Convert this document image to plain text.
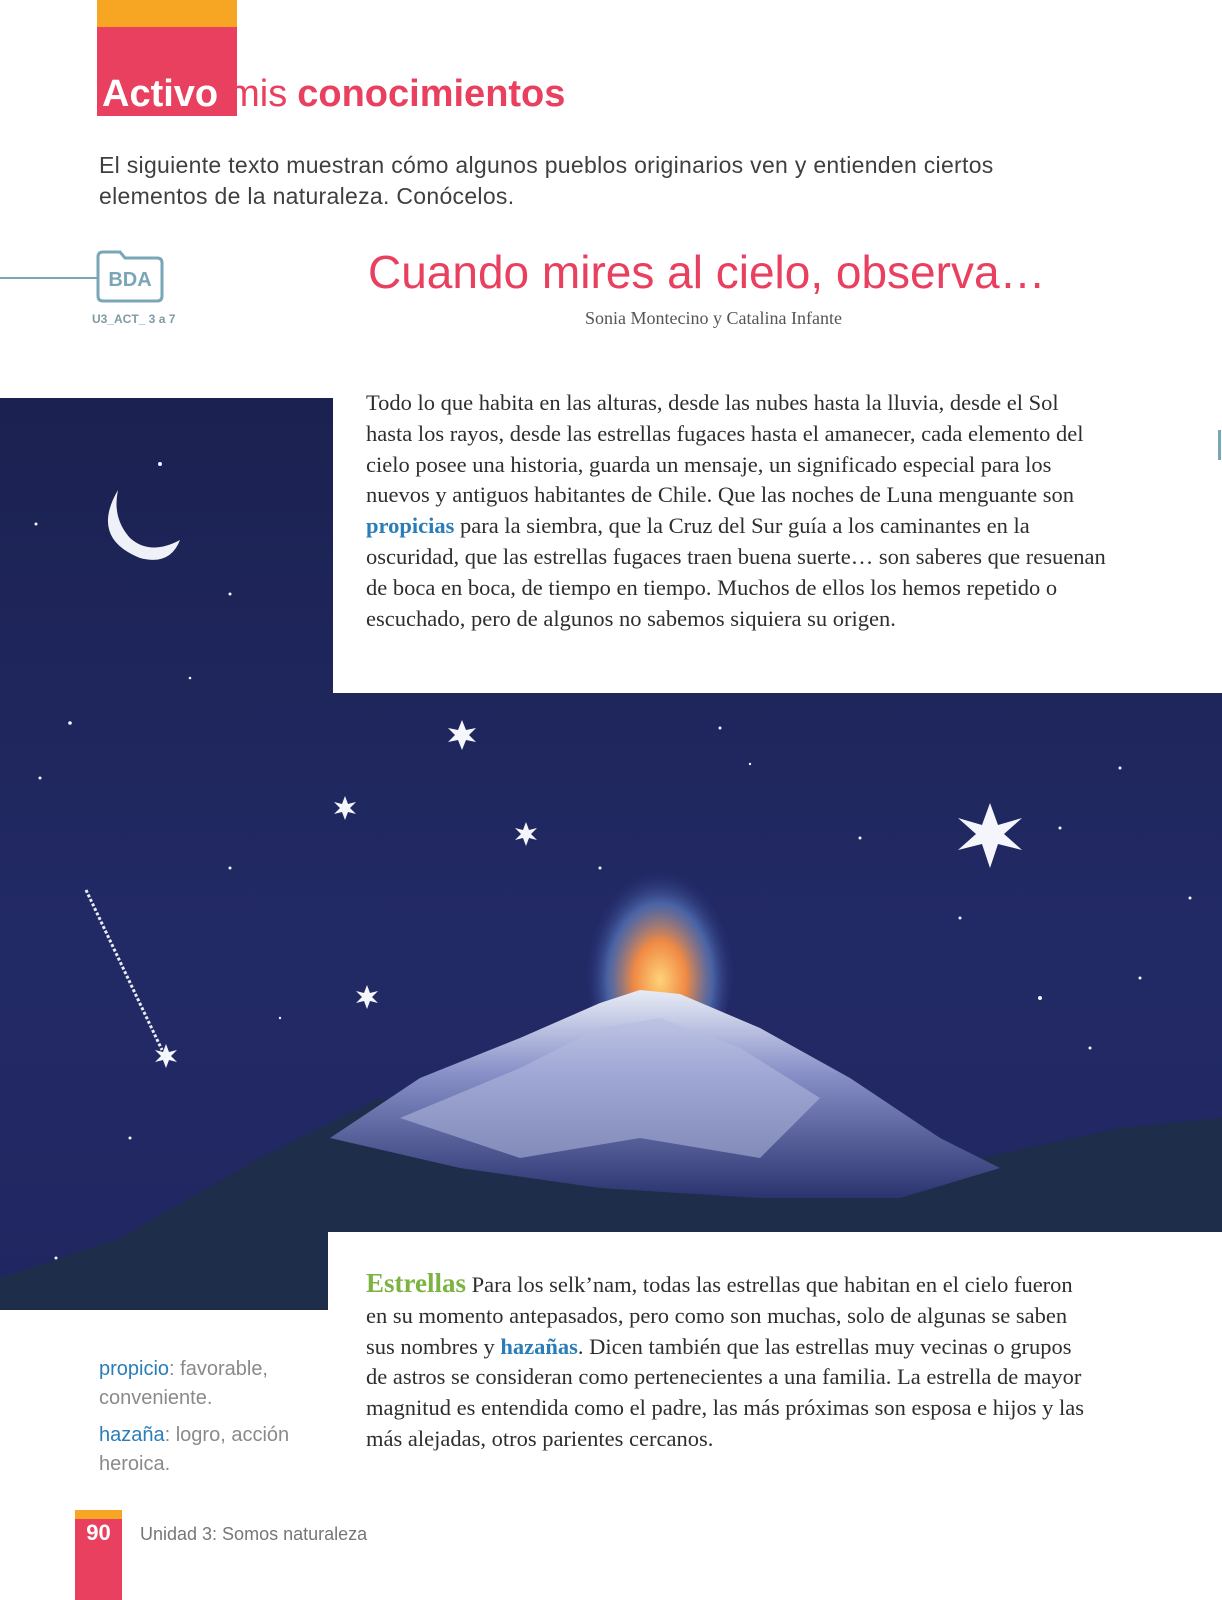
Activo mis conocimientos
El siguiente texto muestran cómo algunos pueblos originarios ven y entienden ciertos elementos de la naturaleza. Conócelos.
BDA
U3_ACT_ 3 a 7
Cuando mires al cielo, observa…
Sonia Montecino y Catalina Infante
Todo lo que habita en las alturas, desde las nubes hasta la lluvia, desde el Sol hasta los rayos, desde las estrellas fugaces hasta el amanecer, cada elemento del cielo posee una historia, guarda un mensaje, un significado especial para los nuevos y antiguos habitantes de Chile. Que las noches de Luna menguante son propicias para la siembra, que la Cruz del Sur guía a los caminantes en la oscuridad, que las estrellas fugaces traen buena suerte… son saberes que resuenan de boca en boca, de tiempo en tiempo. Muchos de ellos los hemos repetido o escuchado, pero de algunos no sabemos siquiera su origen.
Estrellas Para los selk’nam, todas las estrellas que habitan en el cielo fueron en su momento antepasados, pero como son muchas, solo de algunas se saben sus nombres y hazañas. Dicen también que las estrellas muy vecinas o grupos de astros se consideran como pertenecientes a una familia. La estrella de mayor magnitud es entendida como el padre, las más próximas son esposa e hijos y las más alejadas, otros parientes cercanos.
propicio: favorable, conveniente.
hazaña: logro, acción heroica.
90	Unidad 3: Somos naturaleza
